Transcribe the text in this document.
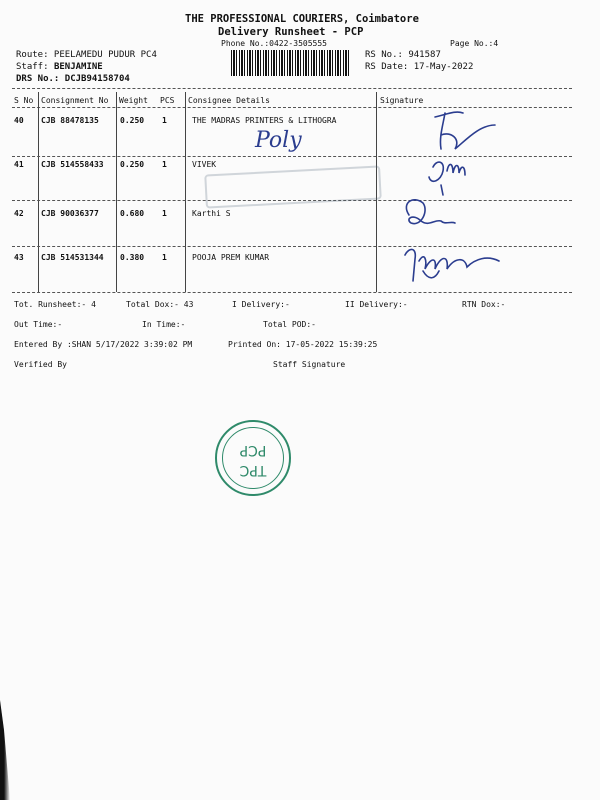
THE PROFESSIONAL COURIERS, Coimbatore
Delivery Runsheet - PCP
Phone No.:0422-3505555	Page No.:4
Route: PEELAMEDU PUDUR PC4
Staff: BENJAMINE
DRS No.: DCJB94158704
RS No.: 941587
RS Date: 17-May-2022
S No Consignment No Weight PCS Consignee Details	Signature
40 CJB 88478135	0.250 1	THE MADRAS PRINTERS & LITHOGRA
Poly
41 CJB 514558433 0.250 1	VIVEK
42 CJB 90036377	0.680 1	Karthi S
43 CJB 514531344 0.380 1	POOJA PREM KUMAR
Tot. Runsheet:- 4	Total Dox:- 43	I Delivery:-	II Delivery:-	RTN Dox:-
Out Time:-	In Time:-	Total POD:-
Entered By :SHAN 5/17/2022 3:39:02 PM	Printed On: 17-05-2022 15:39:25
Verified By	Staff Signature
TPC
PCP
